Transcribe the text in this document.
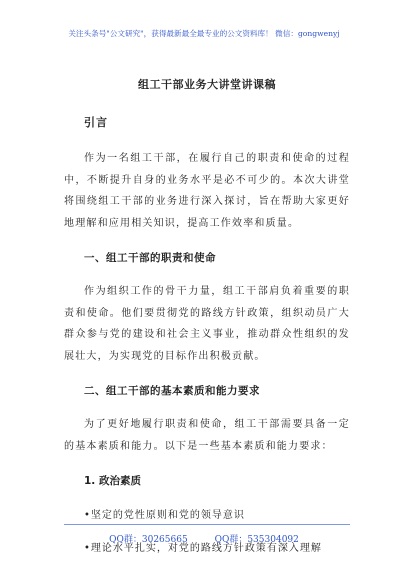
关注头条号"公文研究"，获得最新最全最专业的公文资料库！ 微信：gongwenyj
组工干部业务大讲堂讲课稿
引言

作为一名组工干部，在履行自己的职责和使命的过程中，不断提升自身的业务水平是必不可少的。本次大讲堂将围绕组工干部的业务进行深入探讨，旨在帮助大家更好地理解和应用相关知识，提高工作效率和质量。

一、组工干部的职责和使命

作为组织工作的骨干力量，组工干部肩负着重要的职责和使命。他们要贯彻党的路线方针政策，组织动员广大群众参与党的建设和社会主义事业，推动群众性组织的发展壮大，为实现党的目标作出积极贡献。

二、组工干部的基本素质和能力要求

为了更好地履行职责和使命，组工干部需要具备一定的基本素质和能力。以下是一些基本素质和能力要求：

1. 政治素质
•坚定的党性原则和党的领导意识
•理论水平扎实，对党的路线方针政策有深入理解
QQ群：30265665	QQ群：535304092
